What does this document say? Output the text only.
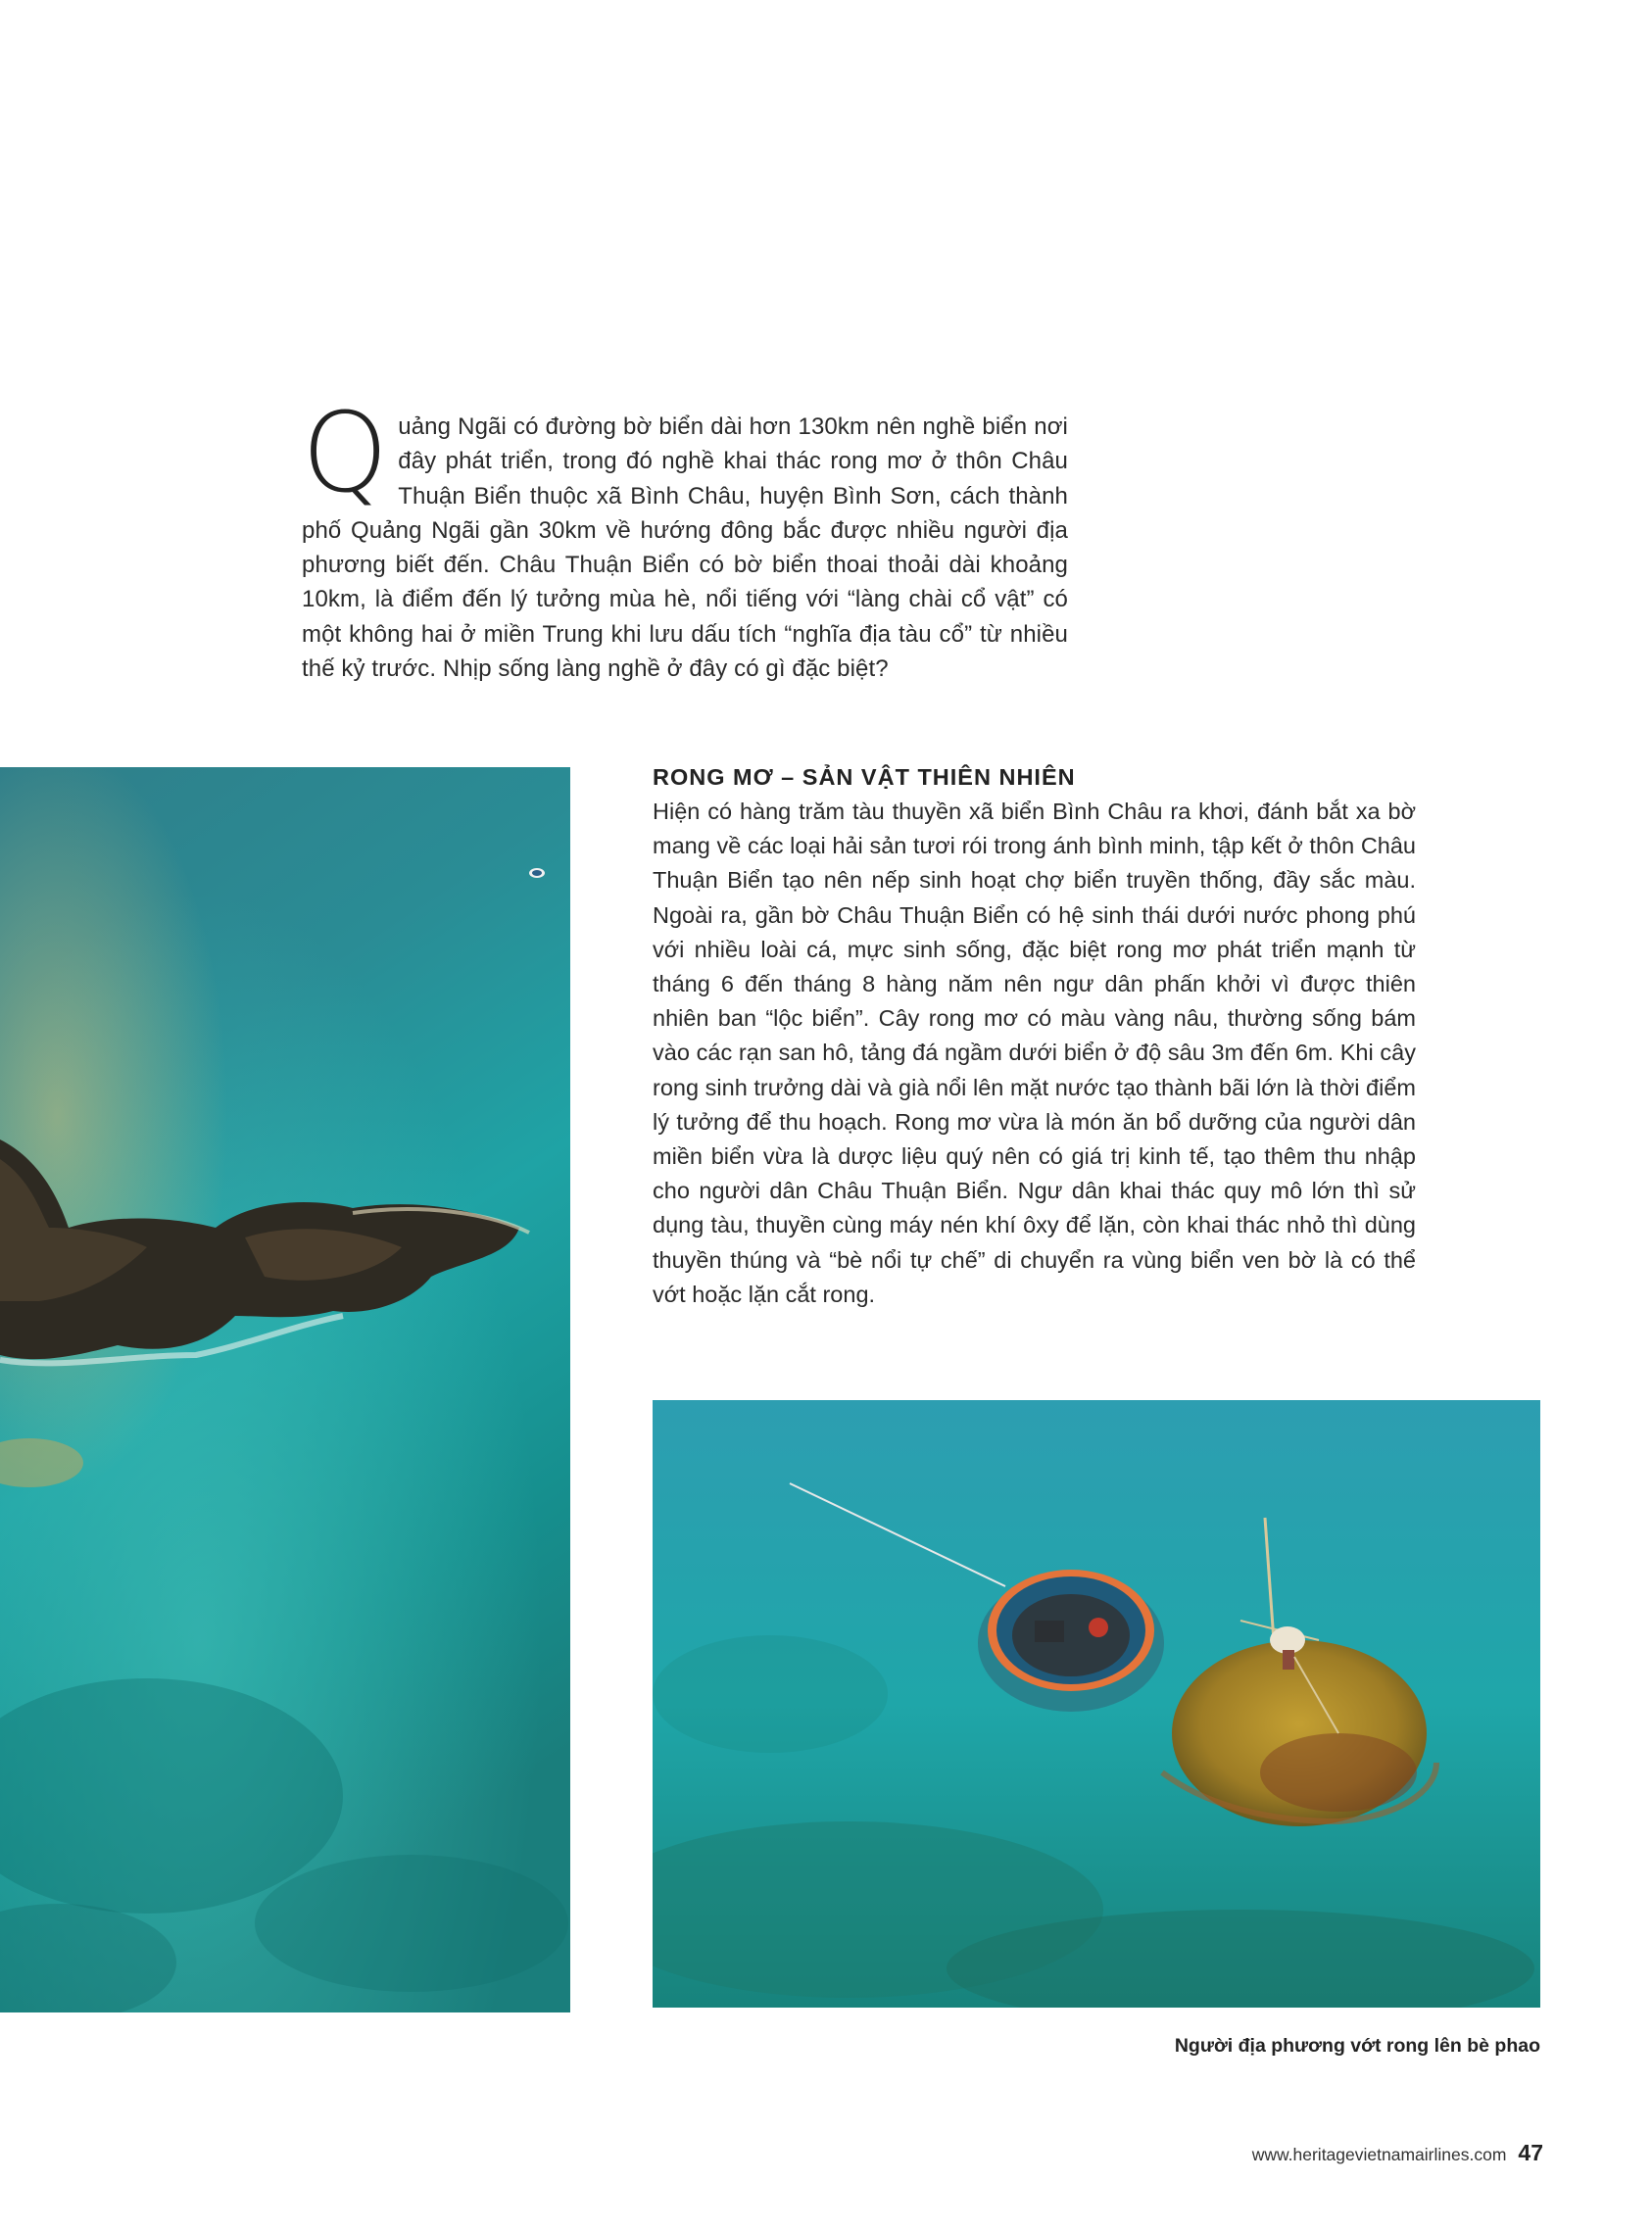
Quảng Ngãi có đường bờ biển dài hơn 130km nên nghề biển nơi đây phát triển, trong đó nghề khai thác rong mơ ở thôn Châu Thuận Biển thuộc xã Bình Châu, huyện Bình Sơn, cách thành phố Quảng Ngãi gần 30km về hướng đông bắc được nhiều người địa phương biết đến. Châu Thuận Biển có bờ biển thoai thoải dài khoảng 10km, là điểm đến lý tưởng mùa hè, nổi tiếng với “làng chài cổ vật” có một không hai ở miền Trung khi lưu dấu tích “nghĩa địa tàu cổ” từ nhiều thế kỷ trước. Nhịp sống làng nghề ở đây có gì đặc biệt?

RONG MƠ – SẢN VẬT THIÊN NHIÊN

Hiện có hàng trăm tàu thuyền xã biển Bình Châu ra khơi, đánh bắt xa bờ mang về các loại hải sản tươi rói trong ánh bình minh, tập kết ở thôn Châu Thuận Biển tạo nên nếp sinh hoạt chợ biển truyền thống, đầy sắc màu. Ngoài ra, gần bờ Châu Thuận Biển có hệ sinh thái dưới nước phong phú với nhiều loài cá, mực sinh sống, đặc biệt rong mơ phát triển mạnh từ tháng 6 đến tháng 8 hàng năm nên ngư dân phấn khởi vì được thiên nhiên ban “lộc biển”. Cây rong mơ có màu vàng nâu, thường sống bám vào các rạn san hô, tảng đá ngầm dưới biển ở độ sâu 3m đến 6m. Khi cây rong sinh trưởng dài và già nổi lên mặt nước tạo thành bãi lớn là thời điểm lý tưởng để thu hoạch. Rong mơ vừa là món ăn bổ dưỡng của người dân miền biển vừa là dược liệu quý nên có giá trị kinh tế, tạo thêm thu nhập cho người dân Châu Thuận Biển. Ngư dân khai thác quy mô lớn thì sử dụng tàu, thuyền cùng máy nén khí ôxy để lặn, còn khai thác nhỏ thì dùng thuyền thúng và “bè nổi tự chế” di chuyển ra vùng biển ven bờ là có thể vớt hoặc lặn cắt rong.

Người địa phương vớt rong lên bè phao

www.heritagevietnamairlines.com 47
